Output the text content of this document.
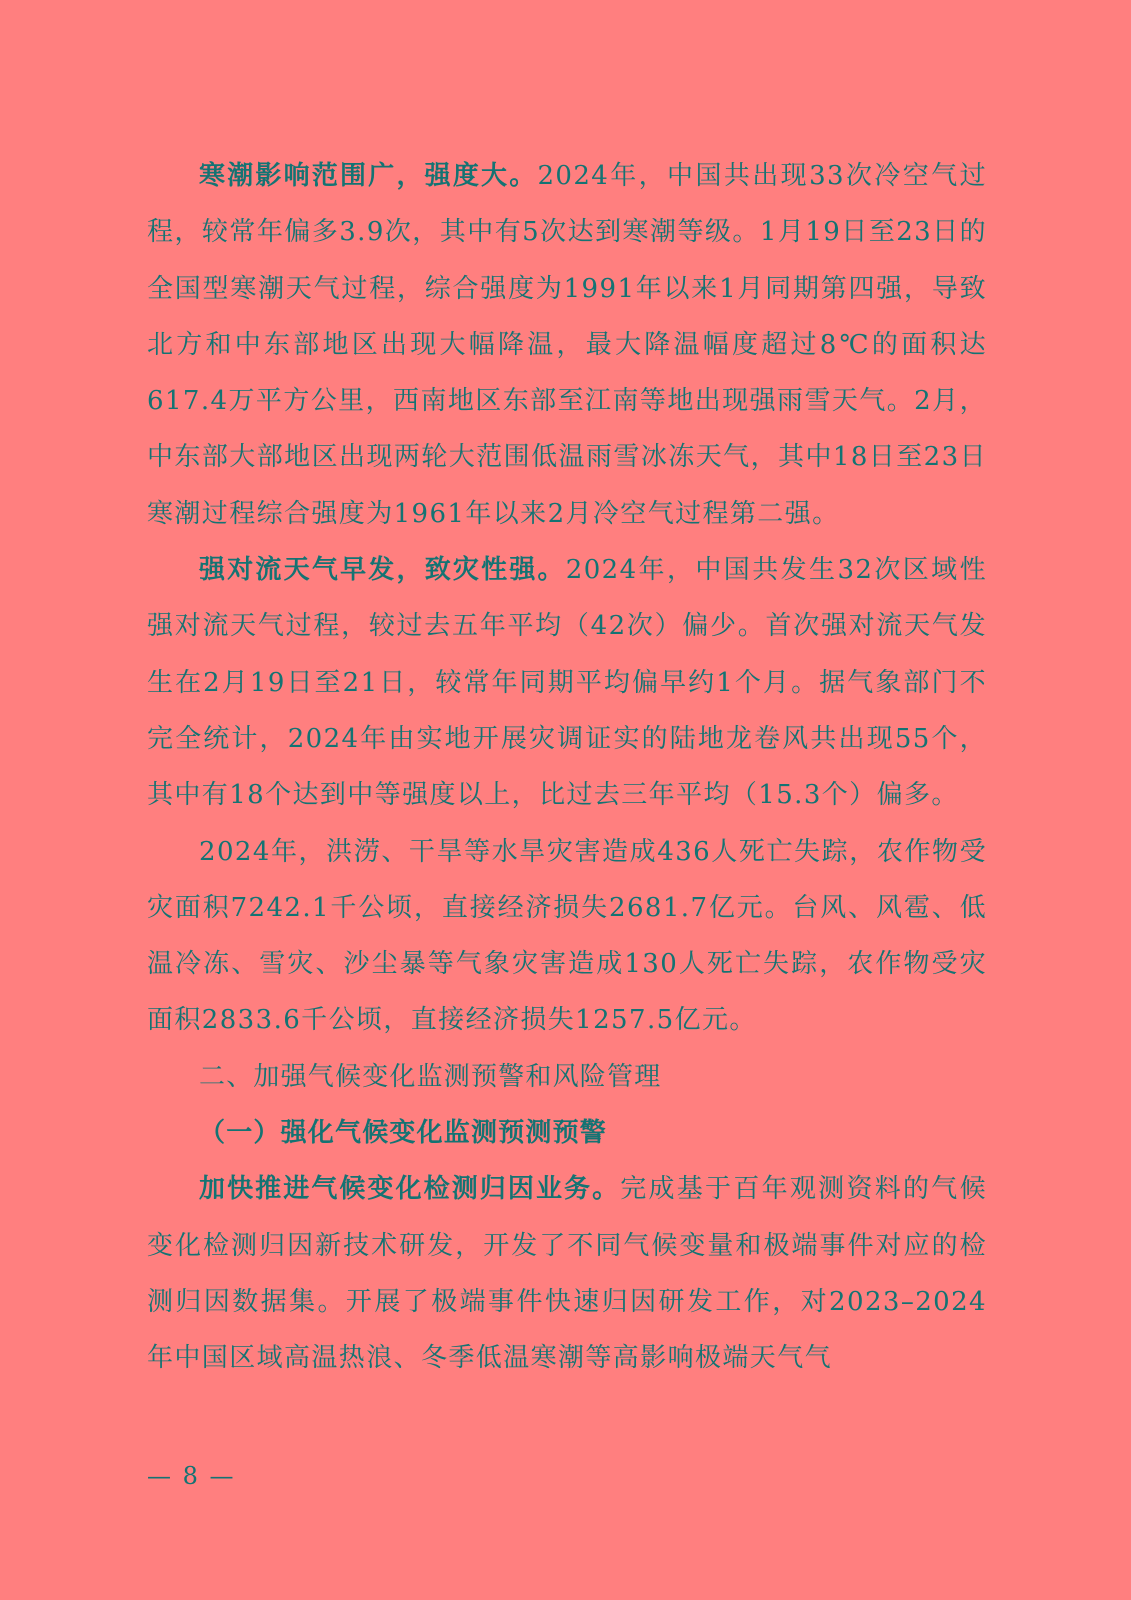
寒潮影响范围广，强度大。2024年，中国共出现33次冷空气过程，较常年偏多3.9次，其中有5次达到寒潮等级。1月19日至23日的全国型寒潮天气过程，综合强度为1991年以来1月同期第四强，导致北方和中东部地区出现大幅降温，最大降温幅度超过8℃的面积达617.4万平方公里，西南地区东部至江南等地出现强雨雪天气。2月，中东部大部地区出现两轮大范围低温雨雪冰冻天气，其中18日至23日寒潮过程综合强度为1961年以来2月冷空气过程第二强。

强对流天气早发，致灾性强。2024年，中国共发生32次区域性强对流天气过程，较过去五年平均（42次）偏少。首次强对流天气发生在2月19日至21日，较常年同期平均偏早约1个月。据气象部门不完全统计，2024年由实地开展灾调证实的陆地龙卷风共出现55个，其中有18个达到中等强度以上，比过去三年平均（15.3个）偏多。

2024年，洪涝、干旱等水旱灾害造成436人死亡失踪，农作物受灾面积7242.1千公顷，直接经济损失2681.7亿元。台风、风雹、低温冷冻、雪灾、沙尘暴等气象灾害造成130人死亡失踪，农作物受灾面积2833.6千公顷，直接经济损失1257.5亿元。

二、加强气候变化监测预警和风险管理

（一）强化气候变化监测预测预警

加快推进气候变化检测归因业务。完成基于百年观测资料的气候变化检测归因新技术研发，开发了不同气候变量和极端事件对应的检测归因数据集。开展了极端事件快速归因研发工作，对2023–2024年中国区域高温热浪、冬季低温寒潮等高影响极端天气气

— 8 —
